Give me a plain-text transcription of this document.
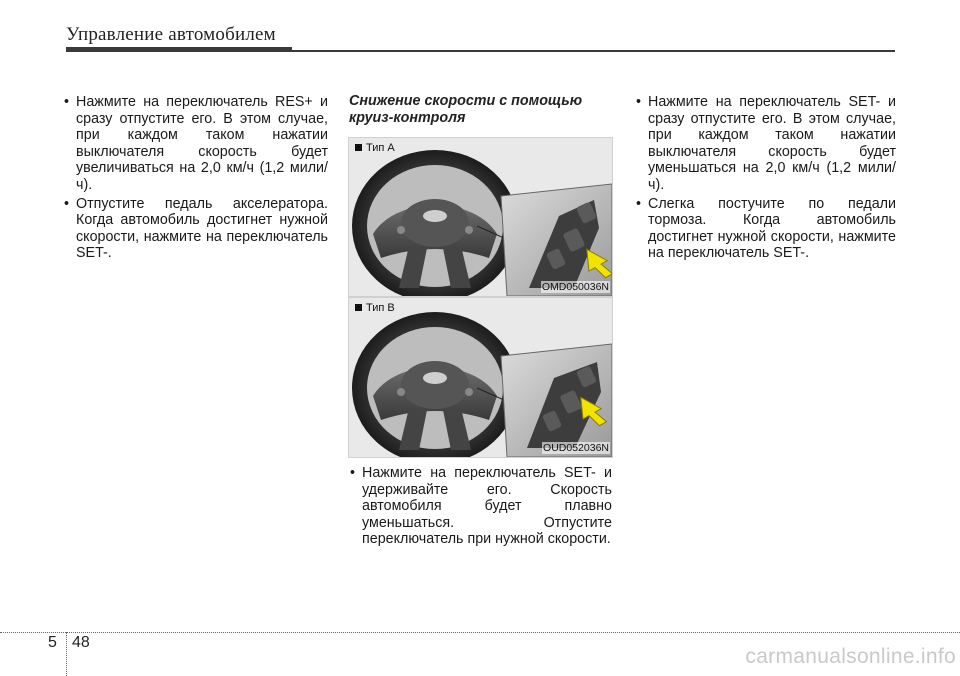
Управление автомобилем
• Нажмите на переключатель RES+ и сразу отпустите его. В этом случае, при каждом таком нажатии выключателя скорость будет увеличиваться на 2,0 км/ч (1,2 мили/ч).
• Отпустите педаль акселератора. Когда автомобиль достигнет нужной скорости, нажмите на переключатель SET-.
Снижение скорости с помощью круиз-контроля
Тип A
OMD050036N
Тип B
OUD052036N
• Нажмите на переключатель SET- и удерживайте его. Скорость автомобиля будет плавно уменьшаться. Отпустите переключатель при нужной скорости.
• Нажмите на переключатель SET- и сразу отпустите его. В этом случае, при каждом таком нажатии выключателя скорость будет уменьшаться на 2,0 км/ч (1,2 мили/ч).
• Слегка постучите по педали тормоза. Когда автомобиль достигнет нужной скорости, нажмите на переключатель SET-.
5 48
carmanualsonline.info
